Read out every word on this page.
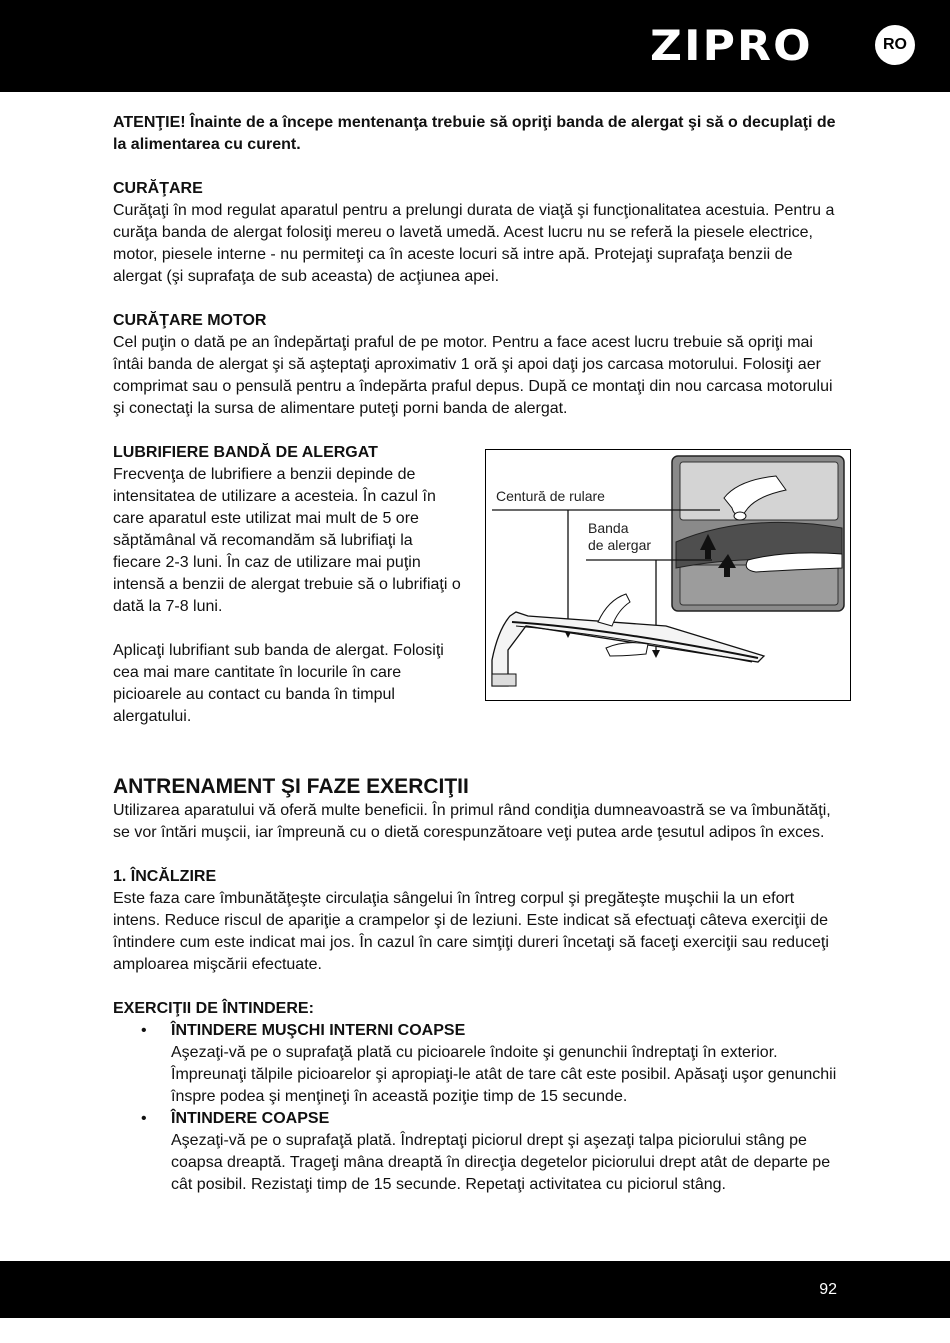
ZIPRO	RO

ATENŢIE! Înainte de a începe mentenanţa trebuie să opriţi banda de alergat şi să o decuplaţi de la alimentarea cu curent.

CURĂŢARE

Curăţaţi în mod regulat aparatul pentru a prelungi durata de viaţă şi funcţionalitatea acestuia. Pentru a curăţa banda de alergat folosiţi mereu o lavetă umedă. Acest lucru nu se referă la piesele electrice, motor, piesele interne - nu permiteţi ca în aceste locuri să intre apă. Protejaţi suprafaţa benzii de alergat (şi suprafaţa de sub aceasta) de acţiunea apei.

CURĂŢARE MOTOR

Cel puţin o dată pe an îndepărtaţi praful de pe motor. Pentru a face acest lucru trebuie să opriţi mai întâi banda de alergat şi să aşteptaţi aproximativ 1 oră şi apoi daţi jos carcasa motorului. Folosiţi aer comprimat sau o pensulă pentru a îndepărta praful depus. După ce montaţi din nou carcasa motorului şi conectaţi la sursa de alimentare puteţi porni banda de alergat.

LUBRIFIERE BANDĂ DE ALERGAT

Frecvenţa de lubrifiere a benzii depinde de intensitatea de utilizare a acesteia. În cazul în care aparatul este utilizat mai mult de 5 ore săptămânal vă recomandăm să lubrifiaţi la fiecare 2-3 luni. În caz de utilizare mai puţin intensă a benzii de alergat trebuie să o lubrifiaţi o dată la 7-8 luni.

Aplicaţi lubrifiant sub banda de alergat. Folosiţi cea mai mare cantitate în locurile în care picioarele au contact cu banda în timpul alergatului.

Centură de rulare
Banda
de alergar

ANTRENAMENT ŞI FAZE EXERCIŢII

Utilizarea aparatului vă oferă multe beneficii. În primul rând condiţia dumneavoastră se va îmbunătăţi, se vor întări muşcii, iar împreună cu o dietă corespunzătoare veţi putea arde ţesutul adipos în exces.

1. ÎNCĂLZIRE

Este faza care îmbunătăţeşte circulaţia sângelui în întreg corpul şi pregăteşte muşchii la un efort intens. Reduce riscul de apariţie a crampelor şi de leziuni. Este indicat să efectuaţi câteva exerciţii de întindere cum este indicat mai jos. În cazul în care simţiţi dureri încetaţi să faceţi exerciţii sau reduceţi amploarea mişcării efectuate.

EXERCIŢII DE ÎNTINDERE:

• ÎNTINDERE MUŞCHI INTERNI COAPSE

Aşezaţi-vă pe o suprafaţă plată cu picioarele îndoite şi genunchii îndreptaţi în exterior. Împreunaţi tălpile picioarelor şi apropiaţi-le atât de tare cât este posibil. Apăsaţi uşor genunchii înspre podea şi menţineţi în această poziţie timp de 15 secunde.

• ÎNTINDERE COAPSE

Aşezaţi-vă pe o suprafaţă plată. Îndreptaţi piciorul drept şi aşezaţi talpa piciorului stâng pe coapsa dreaptă. Trageţi mâna dreaptă în direcţia degetelor piciorului drept atât de departe pe cât posibil. Rezistaţi timp de 15 secunde. Repetaţi activitatea cu piciorul stâng.

92
